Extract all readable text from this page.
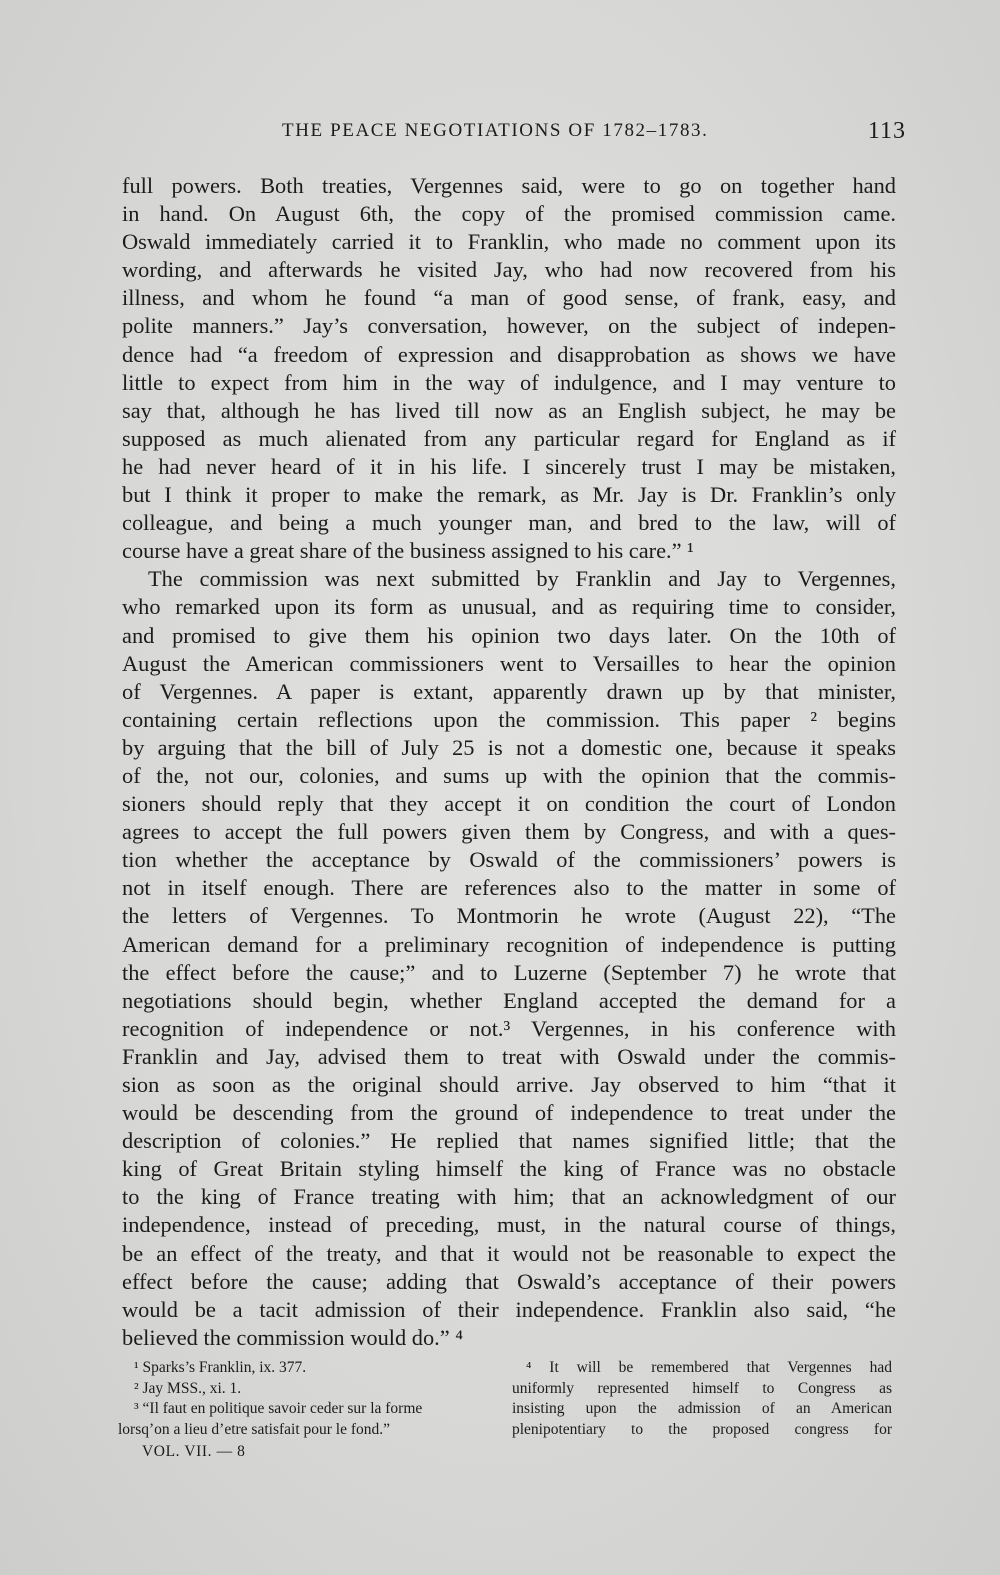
THE PEACE NEGOTIATIONS OF 1782–1783.	113
full powers. Both treaties, Vergennes said, were to go on together hand
in hand. On August 6th, the copy of the promised commission came.
Oswald immediately carried it to Franklin, who made no comment upon its
wording, and afterwards he visited Jay, who had now recovered from his
illness, and whom he found “a man of good sense, of frank, easy, and
polite manners.” Jay’s conversation, however, on the subject of indepen-
dence had “a freedom of expression and disapprobation as shows we have
little to expect from him in the way of indulgence, and I may venture to
say that, although he has lived till now as an English subject, he may be
supposed as much alienated from any particular regard for England as if
he had never heard of it in his life. I sincerely trust I may be mistaken,
but I think it proper to make the remark, as Mr. Jay is Dr. Franklin’s only
colleague, and being a much younger man, and bred to the law, will of
course have a great share of the business assigned to his care.” ¹
The commission was next submitted by Franklin and Jay to Vergennes,
who remarked upon its form as unusual, and as requiring time to consider,
and promised to give them his opinion two days later. On the 10th of
August the American commissioners went to Versailles to hear the opinion
of Vergennes. A paper is extant, apparently drawn up by that minister,
containing certain reflections upon the commission. This paper ² begins
by arguing that the bill of July 25 is not a domestic one, because it speaks
of the, not our, colonies, and sums up with the opinion that the commis-
sioners should reply that they accept it on condition the court of London
agrees to accept the full powers given them by Congress, and with a ques-
tion whether the acceptance by Oswald of the commissioners’ powers is
not in itself enough. There are references also to the matter in some of
the letters of Vergennes. To Montmorin he wrote (August 22), “The
American demand for a preliminary recognition of independence is putting
the effect before the cause;” and to Luzerne (September 7) he wrote that
negotiations should begin, whether England accepted the demand for a
recognition of independence or not.³ Vergennes, in his conference with
Franklin and Jay, advised them to treat with Oswald under the commis-
sion as soon as the original should arrive. Jay observed to him “that it
would be descending from the ground of independence to treat under the
description of colonies.” He replied that names signified little; that the
king of Great Britain styling himself the king of France was no obstacle
to the king of France treating with him; that an acknowledgment of our
independence, instead of preceding, must, in the natural course of things,
be an effect of the treaty, and that it would not be reasonable to expect the
effect before the cause; adding that Oswald’s acceptance of their powers
would be a tacit admission of their independence. Franklin also said, “he
believed the commission would do.” ⁴
¹ Sparks’s Franklin, ix. 377.
² Jay MSS., xi. 1.
³ “Il faut en politique savoir ceder sur la forme
lorsq’on a lieu d’etre satisfait pour le fond.”
⁴ It will be remembered that Vergennes had
uniformly represented himself to Congress as
insisting upon the admission of an American
plenipotentiary to the proposed congress for
VOL. VII. — 8
